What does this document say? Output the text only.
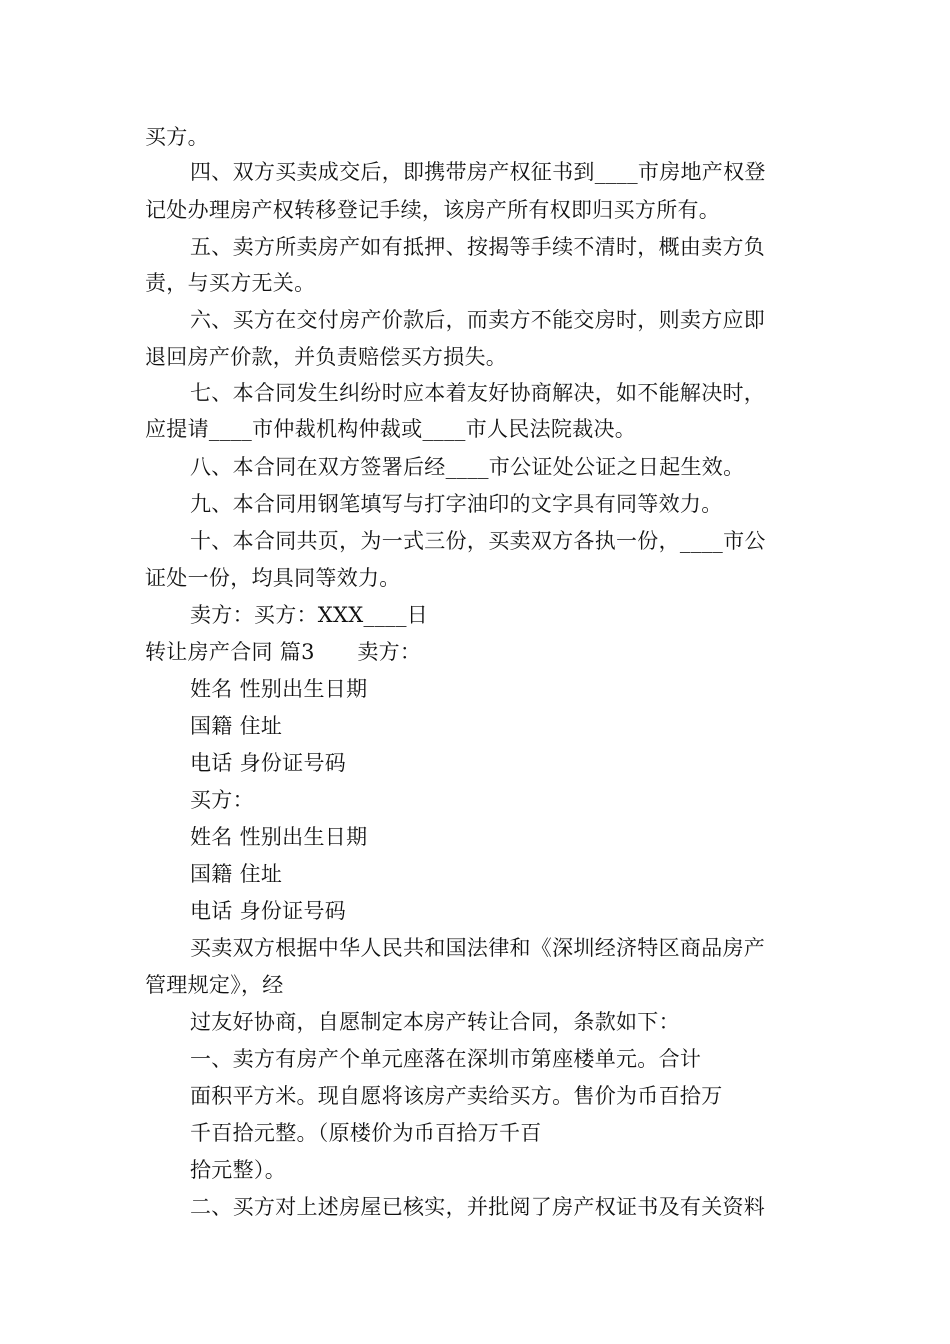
买方。
四、双方买卖成交后，即携带房产权征书到____市房地产权登
记处办理房产权转移登记手续，该房产所有权即归买方所有。
五、卖方所卖房产如有抵押、按揭等手续不清时，概由卖方负
责，与买方无关。
六、买方在交付房产价款后，而卖方不能交房时，则卖方应即
退回房产价款，并负责赔偿买方损失。
七、本合同发生纠纷时应本着友好协商解决，如不能解决时，
应提请____市仲裁机构仲裁或____市人民法院裁决。
八、本合同在双方签署后经____市公证处公证之日起生效。
九、本合同用钢笔填写与打字油印的文字具有同等效力。
十、本合同共页，为一式三份，买卖双方各执一份，____市公
证处一份，均具同等效力。
卖方：买方：XXX____日
转让房产合同 篇3　　卖方：
姓名 性别出生日期
国籍 住址
电话 身份证号码
买方：
姓名 性别出生日期
国籍 住址
电话 身份证号码
买卖双方根据中华人民共和国法律和《深圳经济特区商品房产
管理规定》，经
过友好协商，自愿制定本房产转让合同，条款如下：
一、卖方有房产个单元座落在深圳市第座楼单元。合计
面积平方米。现自愿将该房产卖给买方。售价为币百拾万
千百拾元整。（原楼价为币百拾万千百
拾元整）。
二、买方对上述房屋已核实，并批阅了房产权证书及有关资料
